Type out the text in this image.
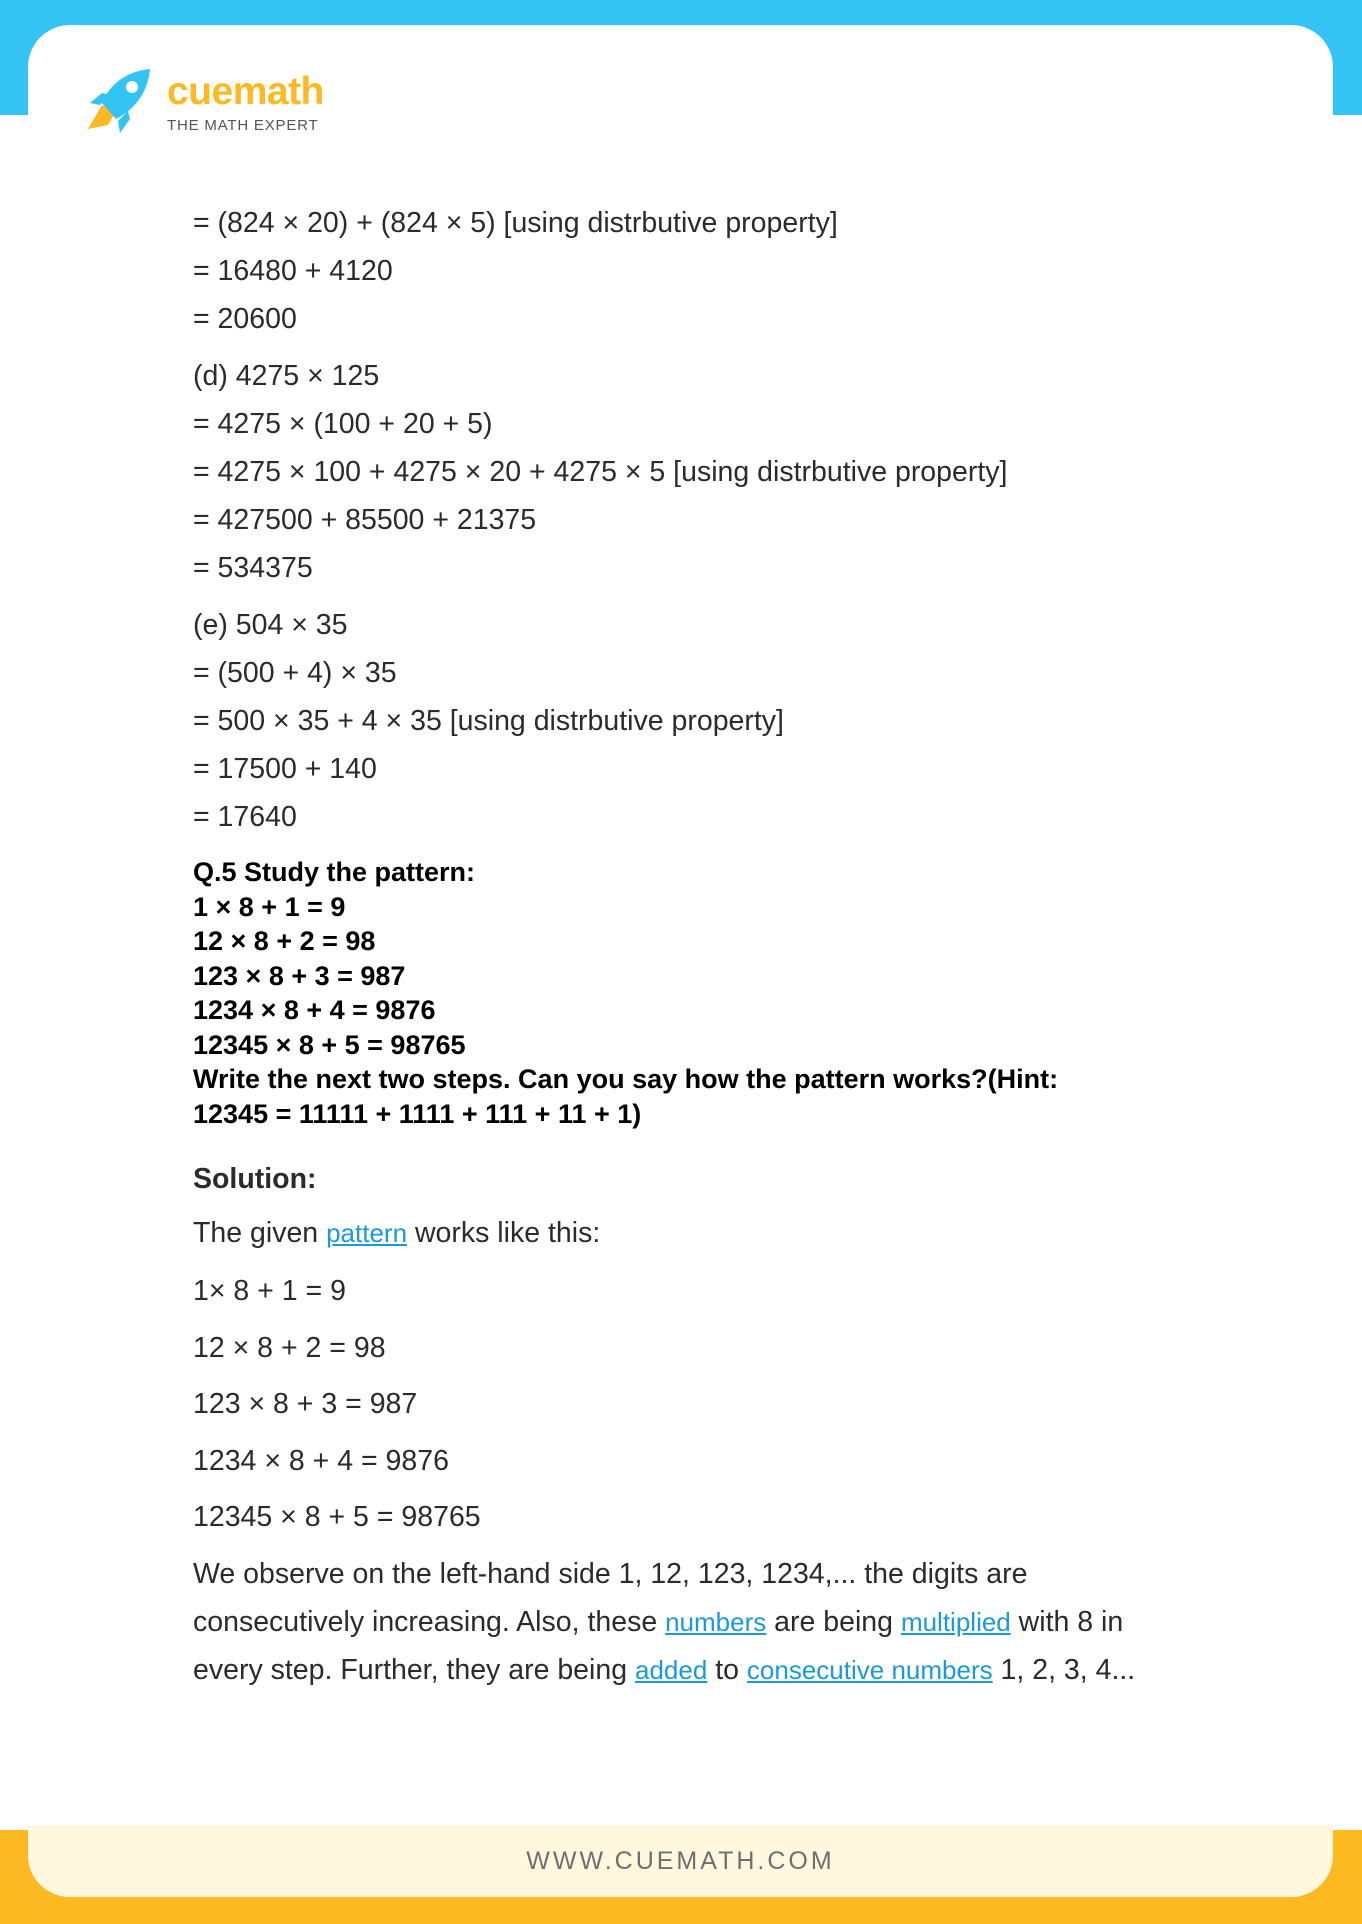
cuemath
THE MATH EXPERT
= (824 × 20) + (824 × 5) [using distrbutive property]
= 16480 + 4120
= 20600
(d) 4275 × 125
= 4275 × (100 + 20 + 5)
= 4275 × 100 + 4275 × 20 + 4275 × 5 [using distrbutive property]
= 427500 + 85500 + 21375
= 534375
(e) 504 × 35
= (500 + 4) × 35
= 500 × 35 + 4 × 35 [using distrbutive property]
= 17500 + 140
= 17640
Q.5 Study the pattern:
1 × 8 + 1 = 9
12 × 8 + 2 = 98
123 × 8 + 3 = 987
1234 × 8 + 4 = 9876
12345 × 8 + 5 = 98765
Write the next two steps. Can you say how the pattern works?(Hint:
12345 = 11111 + 1111 + 111 + 11 + 1)
Solution:
The given pattern works like this:
1× 8 + 1 = 9
12 × 8 + 2 = 98
123 × 8 + 3 = 987
1234 × 8 + 4 = 9876
12345 × 8 + 5 = 98765
We observe on the left-hand side 1, 12, 123, 1234,... the digits are
consecutively increasing. Also, these numbers are being multiplied with 8 in
every step. Further, they are being added to consecutive numbers 1, 2, 3, 4...
WWW.CUEMATH.COM
